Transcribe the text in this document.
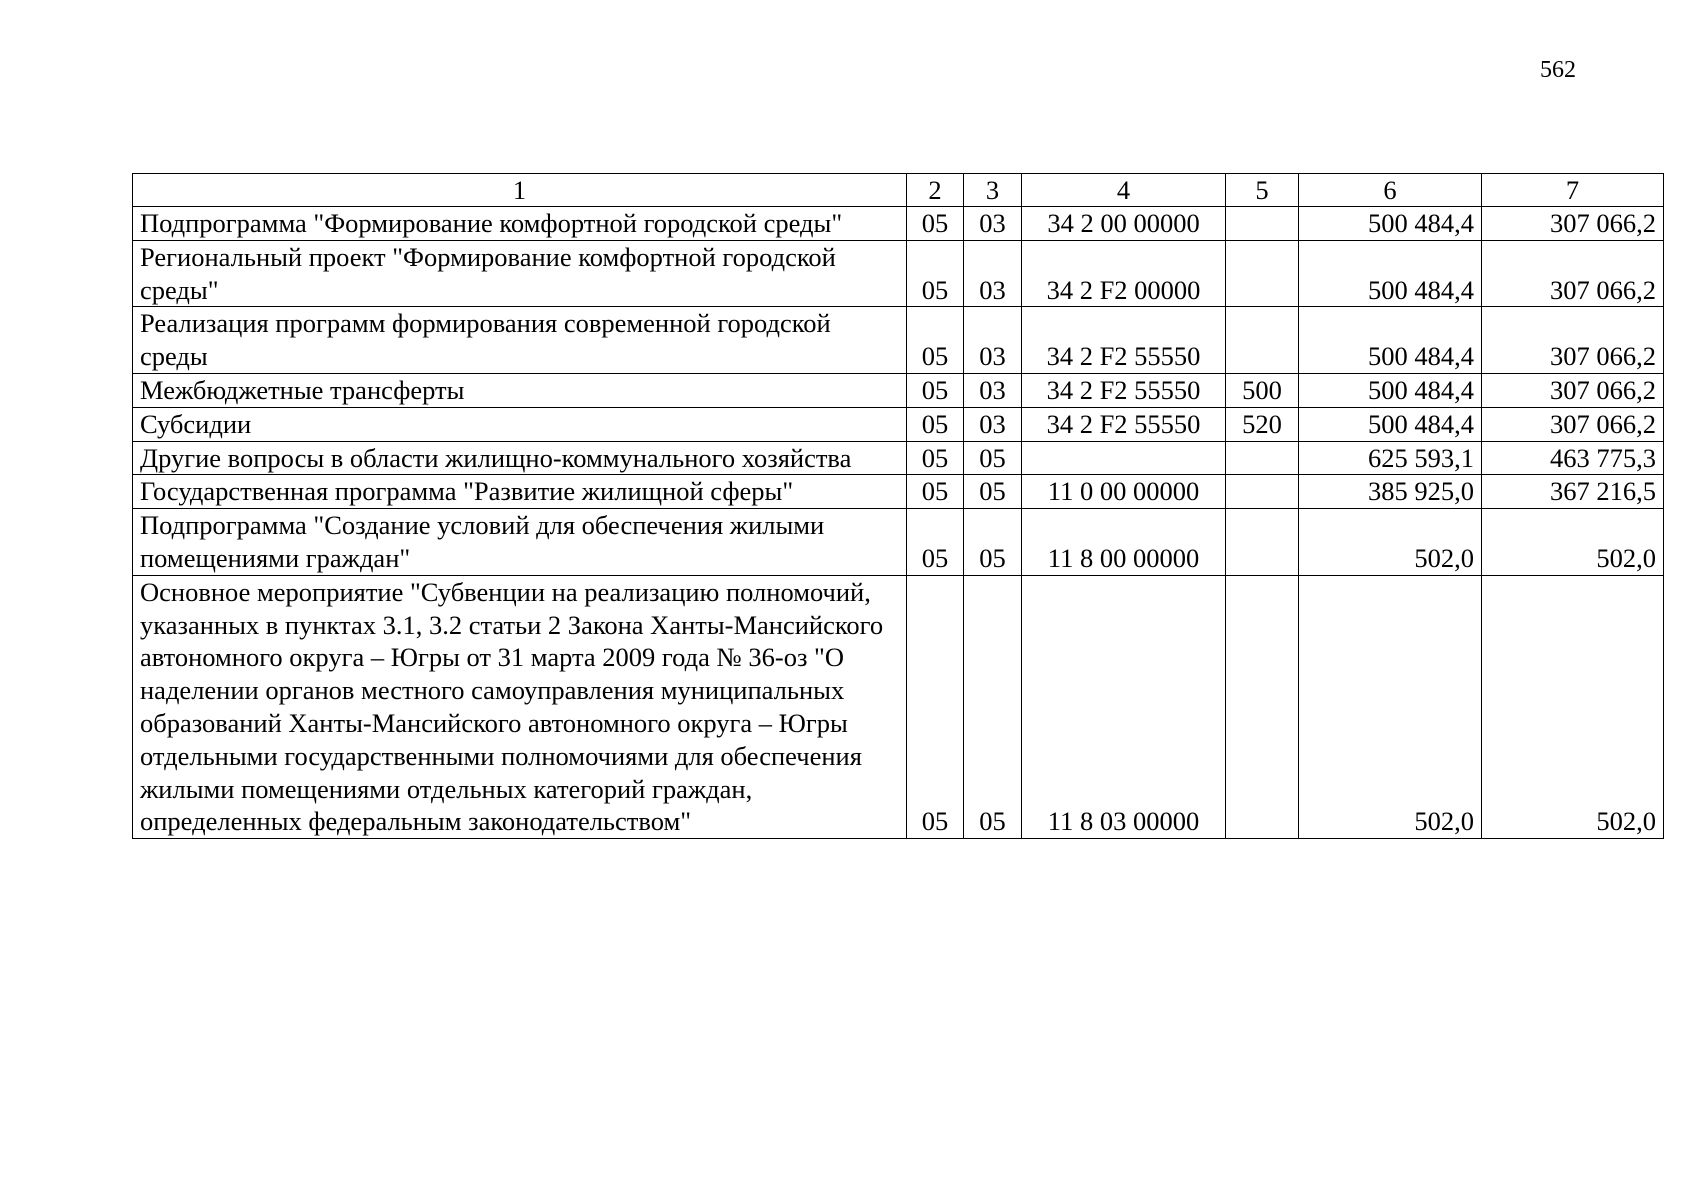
562
1	2	3	4	5	6	7
Подпрограмма "Формирование комфортной городской среды"	05	03	34 2 00 00000		500 484,4	307 066,2
Региональный проект "Формирование комфортной городской среды"	05	03	34 2 F2 00000		500 484,4	307 066,2
Реализация программ формирования современной городской среды	05	03	34 2 F2 55550		500 484,4	307 066,2
Межбюджетные трансферты	05	03	34 2 F2 55550	500	500 484,4	307 066,2
Субсидии	05	03	34 2 F2 55550	520	500 484,4	307 066,2
Другие вопросы в области жилищно-коммунального хозяйства	05	05			625 593,1	463 775,3
Государственная программа "Развитие жилищной сферы"	05	05	11 0 00 00000		385 925,0	367 216,5
Подпрограмма "Создание условий для обеспечения жилыми помещениями граждан"	05	05	11 8 00 00000		502,0	502,0
Основное мероприятие "Субвенции на реализацию полномочий, указанных в пунктах 3.1, 3.2 статьи 2 Закона Ханты-Мансийского автономного округа – Югры от 31 марта 2009 года № 36-оз "О наделении органов местного самоуправления муниципальных образований Ханты-Мансийского автономного округа – Югры отдельными государственными полномочиями для обеспечения жилыми помещениями отдельных категорий граждан, определенных федеральным законодательством"	05	05	11 8 03 00000		502,0	502,0
